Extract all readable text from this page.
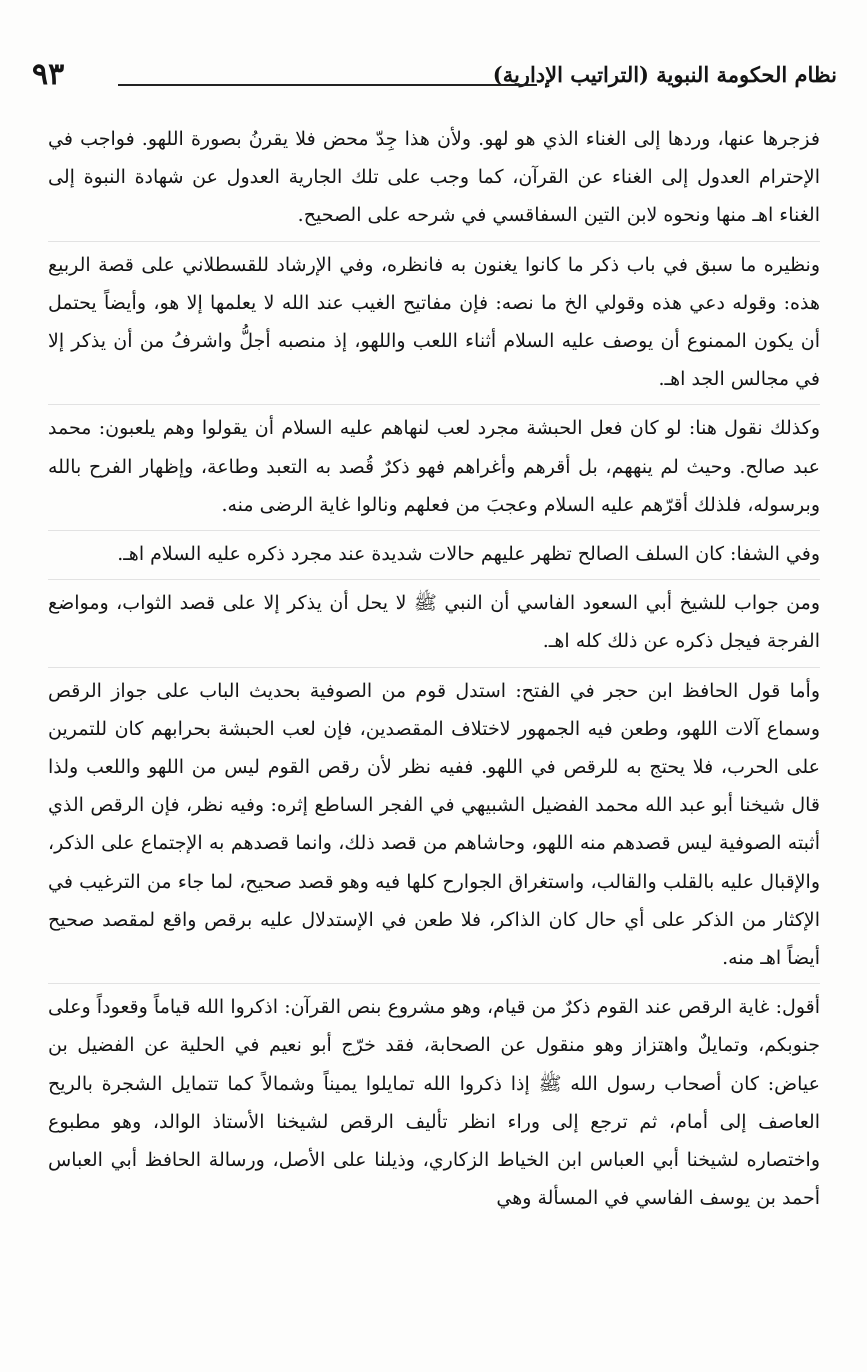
نظام الحكومة النبوية (التراتيب الإدارية)
٩٣

فزجرها عنها، وردها إلى الغناء الذي هو لهو. ولأن هذا جِدّ محض فلا يقرنُ بصورة اللهو. فواجب في الإحترام العدول إلى الغناء عن القرآن، كما وجب على تلك الجارية العدول عن شهادة النبوة إلى الغناء اهـ منها ونحوه لابن التين السفاقسي في شرحه على الصحيح.

ونظيره ما سبق في باب ذكر ما كانوا يغنون به فانظره، وفي الإرشاد للقسطلاني على قصة الربيع هذه: وقوله دعي هذه وقولي الخ ما نصه: فإن مفاتيح الغيب عند الله لا يعلمها إلا هو، وأيضاً يحتمل أن يكون الممنوع أن يوصف عليه السلام أثناء اللعب واللهو، إذ منصبه أجلُّ واشرفُ من أن يذكر إلا في مجالس الجد اهـ.

وكذلك نقول هنا: لو كان فعل الحبشة مجرد لعب لنهاهم عليه السلام أن يقولوا وهم يلعبون: محمد عبد صالح. وحيث لم ينههم، بل أقرهم وأغراهم فهو ذكرٌ قُصد به التعبد وطاعة، وإظهار الفرح بالله وبرسوله، فلذلك أقرّهم عليه السلام وعجبَ من فعلهم ونالوا غاية الرضى منه.

وفي الشفا: كان السلف الصالح تظهر عليهم حالات شديدة عند مجرد ذكره عليه السلام اهـ.

ومن جواب للشيخ أبي السعود الفاسي أن النبي ﷺ لا يحل أن يذكر إلا على قصد الثواب، ومواضع الفرجة فيجل ذكره عن ذلك كله اهـ.

وأما قول الحافظ ابن حجر في الفتح: استدل قوم من الصوفية بحديث الباب على جواز الرقص وسماع آلات اللهو، وطعن فيه الجمهور لاختلاف المقصدين، فإن لعب الحبشة بحرابهم كان للتمرين على الحرب، فلا يحتج به للرقص في اللهو. ففيه نظر لأن رقص القوم ليس من اللهو واللعب ولذا قال شيخنا أبو عبد الله محمد الفضيل الشبيهي في الفجر الساطع إثره: وفيه نظر، فإن الرقص الذي أثبته الصوفية ليس قصدهم منه اللهو، وحاشاهم من قصد ذلك، وانما قصدهم به الإجتماع على الذكر، والإقبال عليه بالقلب والقالب، واستغراق الجوارح كلها فيه وهو قصد صحيح، لما جاء من الترغيب في الإكثار من الذكر على أي حال كان الذاكر، فلا طعن في الإستدلال عليه برقص واقع لمقصد صحيح أيضاً اهـ منه.

أقول: غاية الرقص عند القوم ذكرٌ من قيام، وهو مشروع بنص القرآن: اذكروا الله قياماً وقعوداً وعلى جنوبكم، وتمايلٌ واهتزاز وهو منقول عن الصحابة، فقد خرّج أبو نعيم في الحلية عن الفضيل بن عياض: كان أصحاب رسول الله ﷺ إذا ذكروا الله تمايلوا يميناً وشمالاً كما تتمايل الشجرة بالريح العاصف إلى أمام، ثم ترجع إلى وراء انظر تأليف الرقص لشيخنا الأستاذ الوالد، وهو مطبوع واختصاره لشيخنا أبي العباس ابن الخياط الزكاري، وذيلنا على الأصل، ورسالة الحافظ أبي العباس أحمد بن يوسف الفاسي في المسألة وهي
